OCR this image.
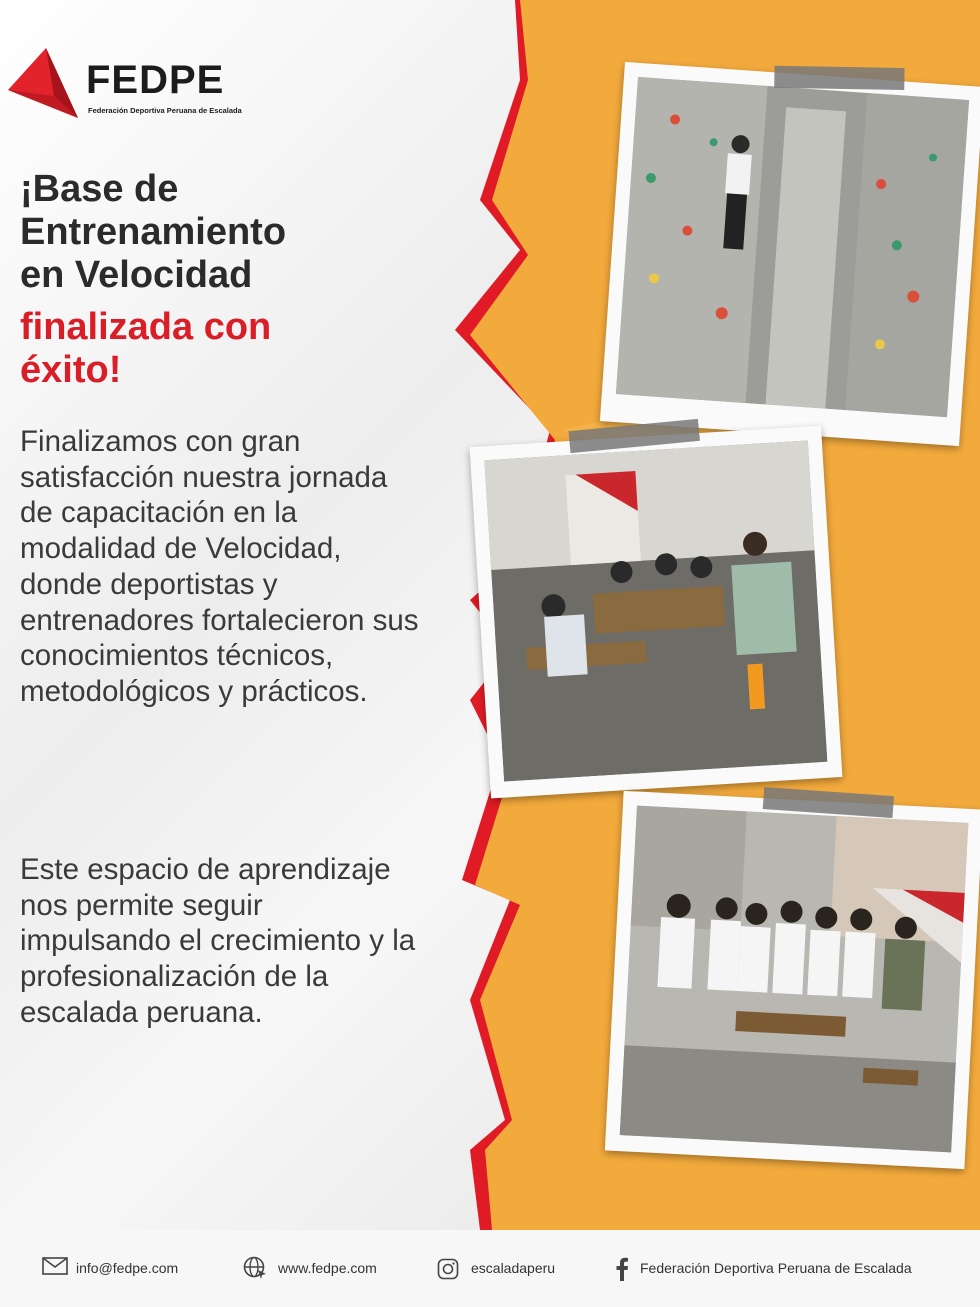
FEDPE
Federación Deportiva Peruana de Escalada
¡Base de
Entrenamiento
en Velocidad
finalizada con
éxito!

Finalizamos con gran satisfacción nuestra jornada de capacitación en la modalidad de Velocidad, donde deportistas y entrenadores fortalecieron sus conocimientos técnicos, metodológicos y prácticos.

Este espacio de aprendizaje nos permite seguir impulsando el crecimiento y la profesionalización de la escalada peruana.

info@fedpe.com	www.fedpe.com	escaladaperu	Federación Deportiva Peruana de Escalada
